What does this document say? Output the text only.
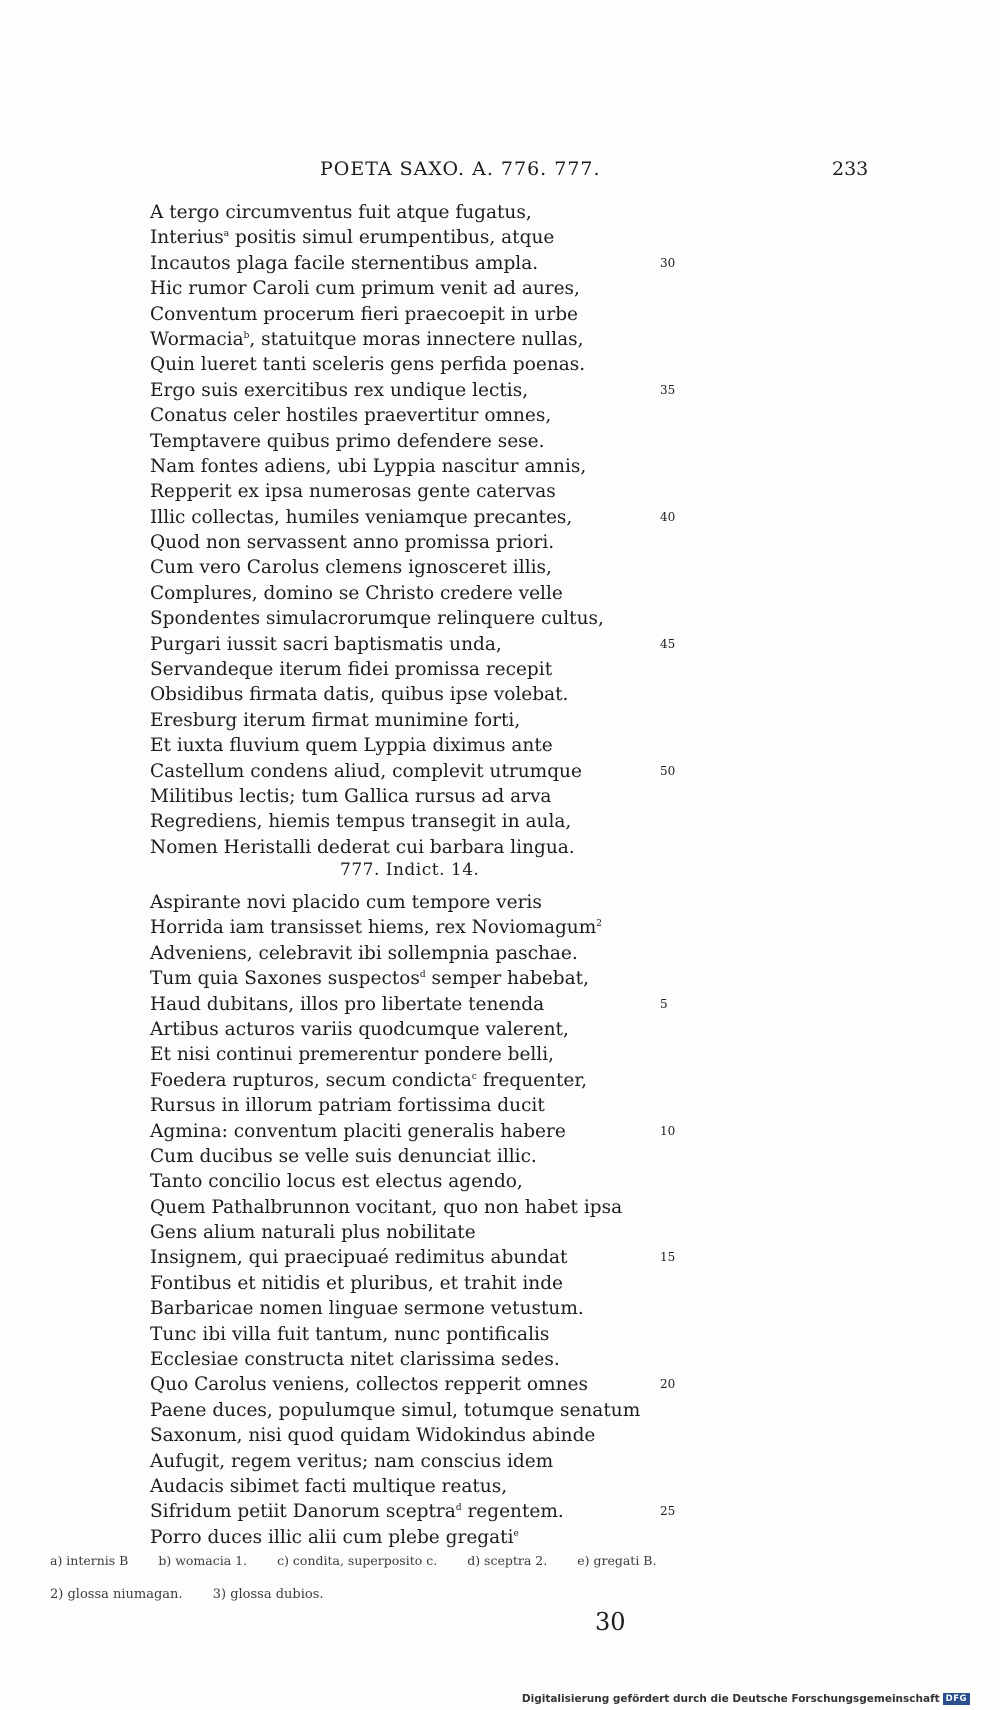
POETA SAXO. A. 776. 777.	233
A tergo circumventus fuit atque fugatus,
Interius$^a$ positis simul erumpentibus, atque
Incautos plaga facile sternentibus ampla.	30
Hic rumor Caroli cum primum venit ad aures,
Conventum procerum fieri praecoepit in urbe
Wormacia$^b$, statuitque moras innectere nullas,
Quin lueret tanti sceleris gens perfida poenas.
Ergo suis exercitibus rex undique lectis,	35
Conatus celer hostiles praevertitur omnes,
Temptavere quibus primo defendere sese.
Nam fontes adiens, ubi Lyppia nascitur amnis,
Repperit ex ipsa numerosas gente catervas
Illic collectas, humiles veniamque precantes,	40
Quod non servassent anno promissa priori.
Cum vero Carolus clemens ignosceret illis,
Complures, domino se Christo credere velle
Spondentes simulacrorumque relinquere cultus,
Purgari iussit sacri baptismatis unda,	45
Servandeque iterum fidei promissa recepit
Obsidibus firmata datis, quibus ipse volebat.
Eresburg iterum firmat munimine forti,
Et iuxta fluvium quem Lyppia diximus ante
Castellum condens aliud, complevit utrumque	50
Militibus lectis; tum Gallica rursus ad arva
Regrediens, hiemis tempus transegit in aula,
Nomen Heristalli dederat cui barbara lingua.
777. Indict. 14.
Aspirante novi placido cum tempore veris
Horrida iam transisset hiems, rex Noviomagum$^2$
Adveniens, celebravit ibi sollempnia paschae.
Tum quia Saxones suspectos$^d$ semper habebat,
Haud dubitans, illos pro libertate tenenda	5
Artibus acturos variis quodcumque valerent,
Et nisi continui premerentur pondere belli,
Foedera rupturos, secum condicta$^c$ frequenter,
Rursus in illorum patriam fortissima ducit
Agmina: conventum placiti generalis habere	10
Cum ducibus se velle suis denunciat illic.
Tanto concilio locus est electus agendo,
Quem Pathalbrunnon vocitant, quo non habet ipsa
Gens alium naturali plus nobilitate
Insignem, qui praecipuaé redimitus abundat	15
Fontibus et nitidis et pluribus, et trahit inde
Barbaricae nomen linguae sermone vetustum.
Tunc ibi villa fuit tantum, nunc pontificalis
Ecclesiae constructa nitet clarissima sedes.
Quo Carolus veniens, collectos repperit omnes	20
Paene duces, populumque simul, totumque senatum
Saxonum, nisi quod quidam Widokindus abinde
Aufugit, regem veritus; nam conscius idem
Audacis sibimet facti multique reatus,
Sifridum petiit Danorum sceptra$^d$ regentem.	25
Porro duces illic alii cum plebe gregati$^e$
a) internis B b) womacia 1. c) condita, superposito c. d) sceptra 2. e) gregati B.
2) glossa niumagan. 3) glossa dubios.
30
Digitalisierung gefördert durch die Deutsche Forschungsgemeinschaft DFG
